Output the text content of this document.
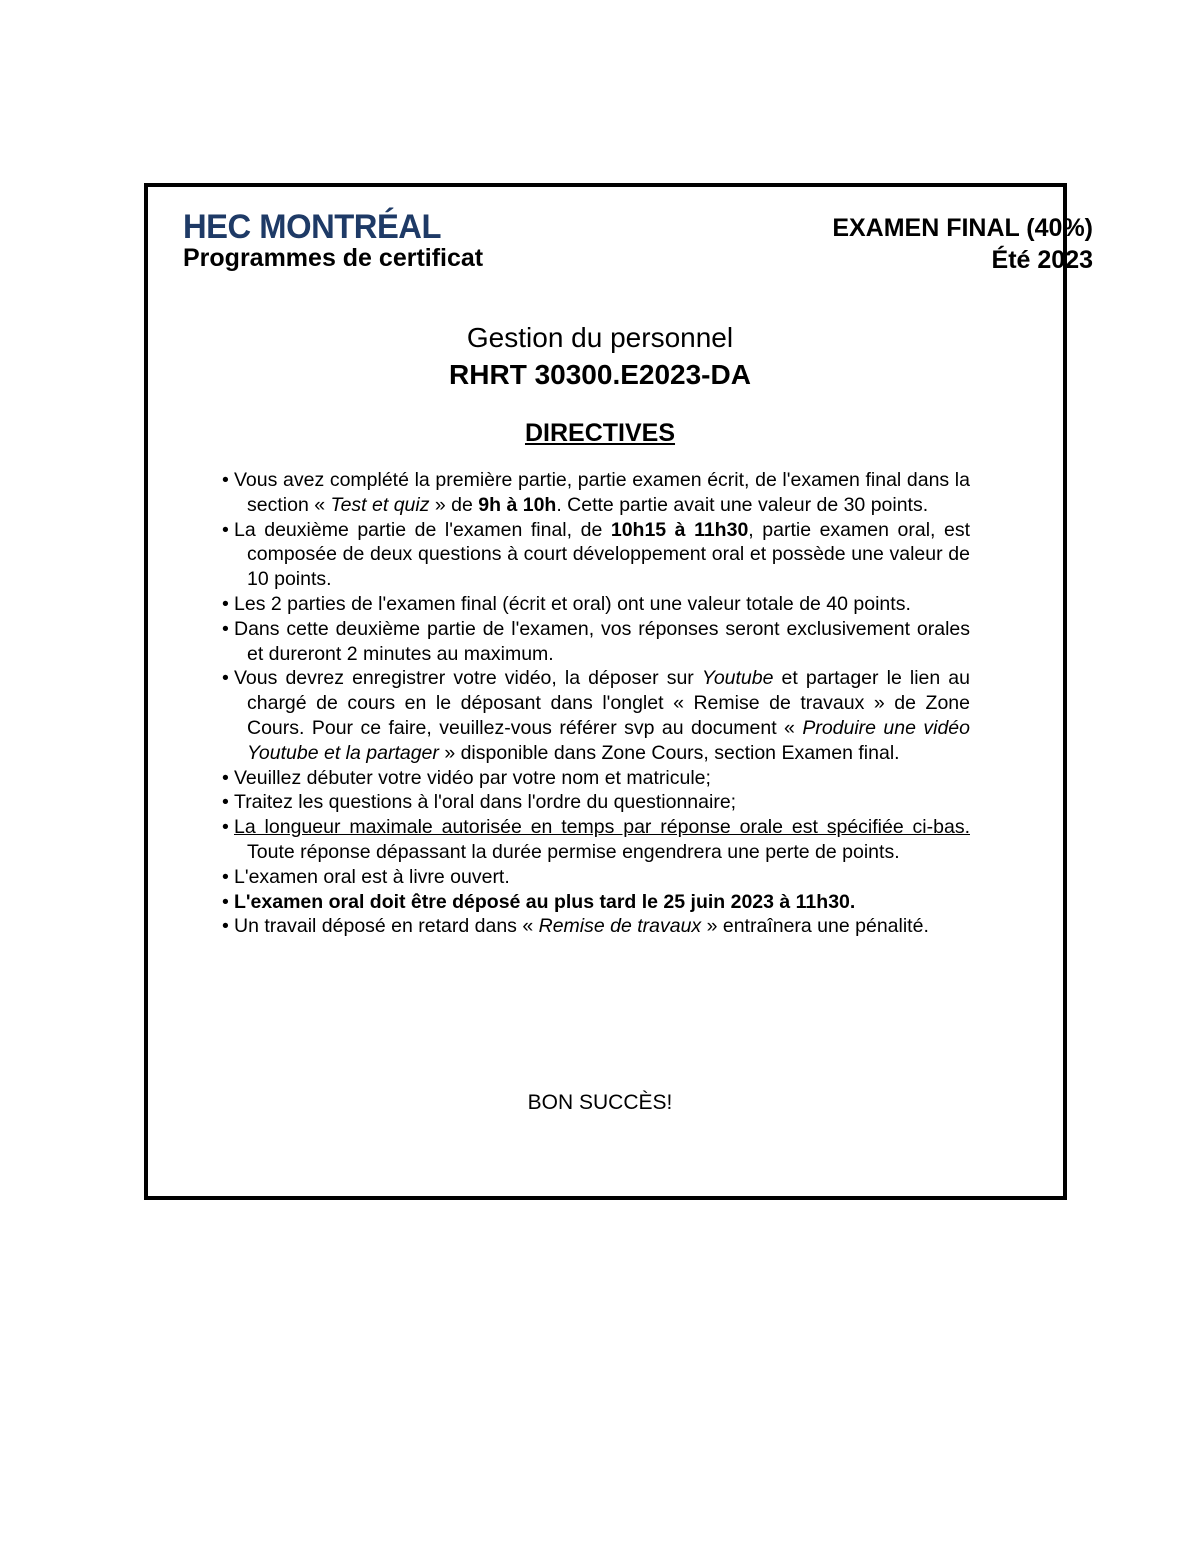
HEC MONTRÉAL
Programmes de certificat
EXAMEN FINAL (40%)
Été 2023
Gestion du personnel
RHRT 30300.E2023-DA
DIRECTIVES
• Vous avez complété la première partie, partie examen écrit, de l'examen final dans la section « Test et quiz » de 9h à 10h. Cette partie avait une valeur de 30 points.
• La deuxième partie de l'examen final, de 10h15 à 11h30, partie examen oral, est composée de deux questions à court développement oral et possède une valeur de 10 points.
• Les 2 parties de l'examen final (écrit et oral) ont une valeur totale de 40 points.
• Dans cette deuxième partie de l'examen, vos réponses seront exclusivement orales et dureront 2 minutes au maximum.
• Vous devrez enregistrer votre vidéo, la déposer sur Youtube et partager le lien au chargé de cours en le déposant dans l'onglet « Remise de travaux » de Zone Cours. Pour ce faire, veuillez-vous référer svp au document « Produire une vidéo Youtube et la partager » disponible dans Zone Cours, section Examen final.
• Veuillez débuter votre vidéo par votre nom et matricule;
• Traitez les questions à l'oral dans l'ordre du questionnaire;
• La longueur maximale autorisée en temps par réponse orale est spécifiée ci-bas. Toute réponse dépassant la durée permise engendrera une perte de points.
• L'examen oral est à livre ouvert.
• L'examen oral doit être déposé au plus tard le 25 juin 2023 à 11h30.
• Un travail déposé en retard dans « Remise de travaux » entraînera une pénalité.
BON SUCCÈS!
